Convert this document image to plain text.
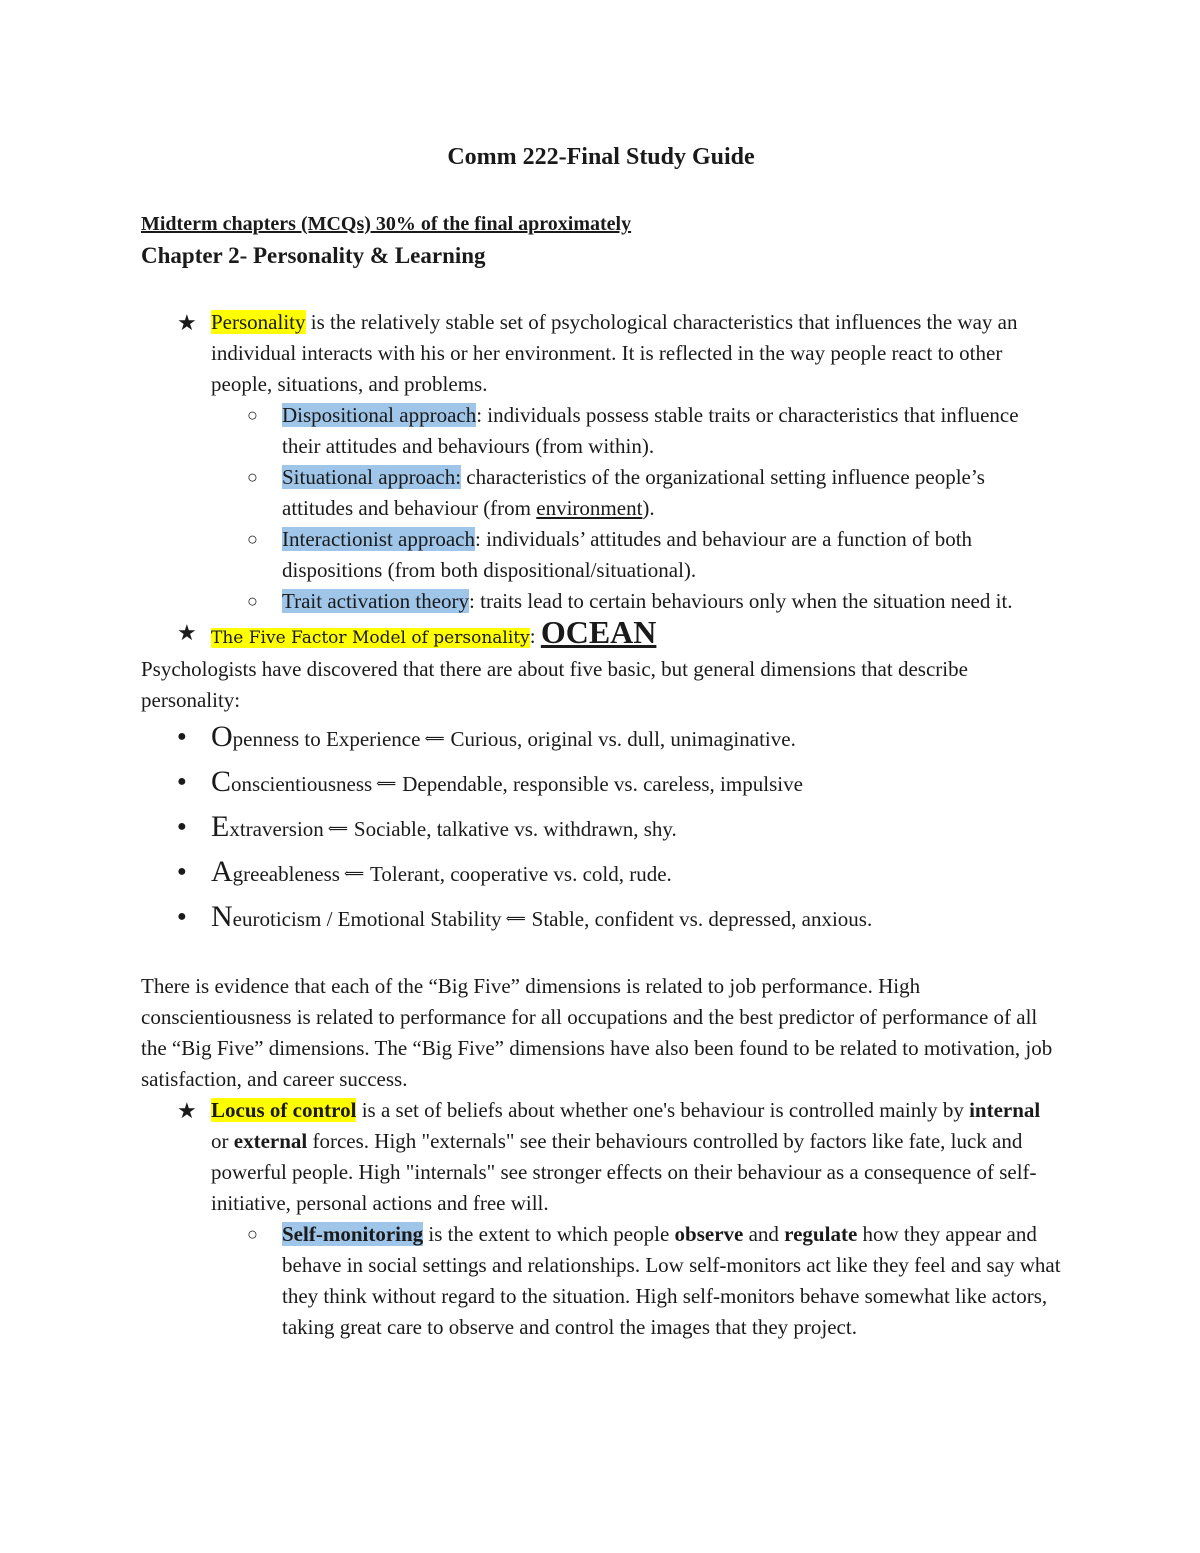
Comm 222-Final Study Guide

Midterm chapters (MCQs) 30% of the final aproximately

Chapter 2- Personality & Learning

★ Personality is the relatively stable set of psychological characteristics that influences the way an individual interacts with his or her environment. It is reflected in the way people react to other people, situations, and problems.
○ Dispositional approach: individuals possess stable traits or characteristics that influence their attitudes and behaviours (from within).
○ Situational approach: characteristics of the organizational setting influence people’s attitudes and behaviour (from environment).
○ Interactionist approach: individuals’ attitudes and behaviour are a function of both dispositions (from both dispositional/situational).
○ Trait activation theory: traits lead to certain behaviours only when the situation need it.
★ The Five Factor Model of personality: OCEAN

Psychologists have discovered that there are about five basic, but general dimensions that describe personality:

● Openness to Experience ⟸ Curious, original vs. dull, unimaginative.
● Conscientiousness ⟸ Dependable, responsible vs. careless, impulsive
● Extraversion ⟸ Sociable, talkative vs. withdrawn, shy.
● Agreeableness ⟸ Tolerant, cooperative vs. cold, rude.
● Neuroticism / Emotional Stability ⟸ Stable, confident vs. depressed, anxious.

There is evidence that each of the “Big Five” dimensions is related to job performance. High conscientiousness is related to performance for all occupations and the best predictor of performance of all the “Big Five” dimensions. The “Big Five” dimensions have also been found to be related to motivation, job satisfaction, and career success.

★ Locus of control is a set of beliefs about whether one's behaviour is controlled mainly by internal or external forces. High "externals" see their behaviours controlled by factors like fate, luck and powerful people. High "internals" see stronger effects on their behaviour as a consequence of self-initiative, personal actions and free will.
○ Self-monitoring is the extent to which people observe and regulate how they appear and behave in social settings and relationships. Low self-monitors act like they feel and say what they think without regard to the situation. High self-monitors behave somewhat like actors, taking great care to observe and control the images that they project.
